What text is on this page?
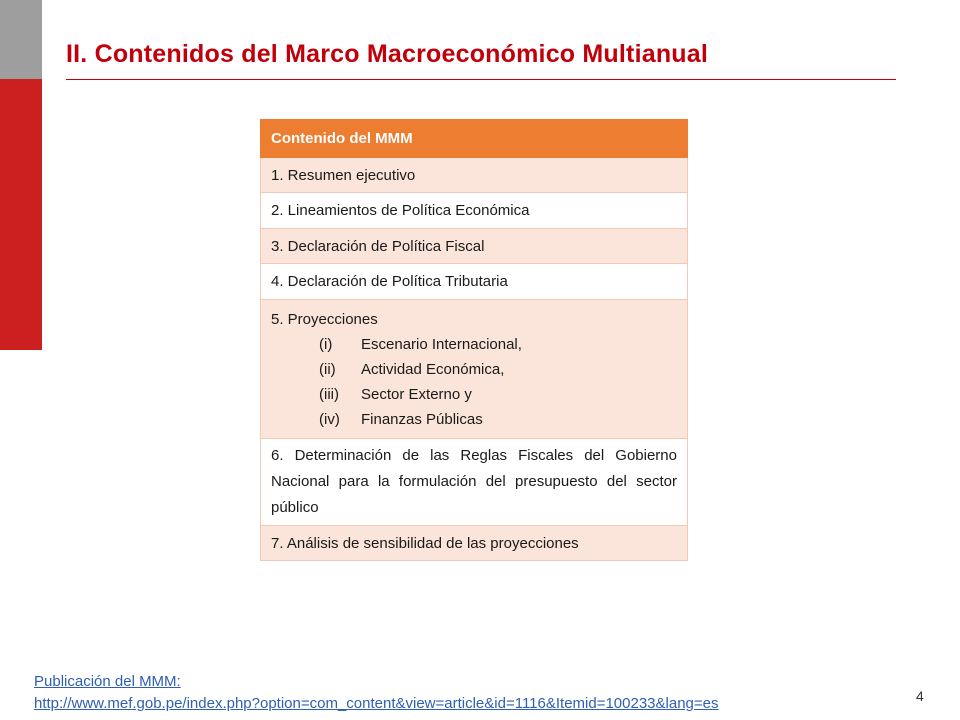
II. Contenidos del Marco Macroeconómico Multianual
Contenido del MMM
1. Resumen ejecutivo
2. Lineamientos de Política Económica
3. Declaración de Política Fiscal
4. Declaración de Política Tributaria

5. Proyecciones
(i)	Escenario Internacional,
(ii)	Actividad Económica,
(iii)	Sector Externo y
(iv)	Finanzas Públicas

6. Determinación de las Reglas Fiscales del Gobierno Nacional para la formulación del presupuesto del sector público
7. Análisis de sensibilidad de las proyecciones
Publicación del MMM:
http://www.mef.gob.pe/index.php?option=com_content&view=article&id=1116&Itemid=100233&lang=es	4
